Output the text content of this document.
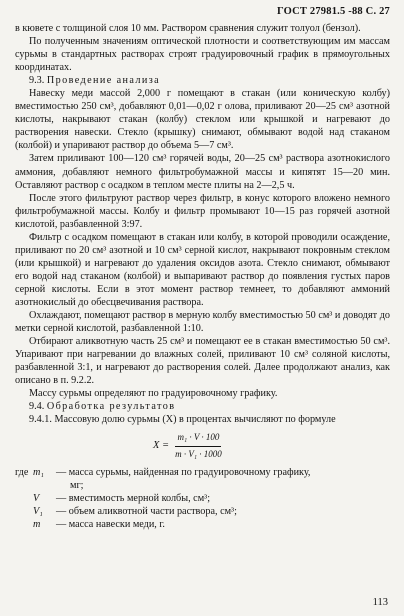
ГОСТ 27981.5 -88 С. 27

в кювете с толщиной слоя 10 мм. Раствором сравнения служит толуол (бензол).

По полученным значениям оптической плотности и соответствующим им массам сурьмы в стандартных растворах строят градуировочный график в прямоугольных координатах.

9.3. Проведение анализа

Навеску меди массой 2,000 г помещают в стакан (или коническую колбу) вместимостью 250 см³, добавляют 0,01—0,02 г олова, приливают 20—25 см³ азотной кислоты, накрывают стакан (колбу) стеклом или крышкой и нагревают до растворения навески. Стекло (крышку) снимают, обмывают водой над стаканом (колбой) и упаривают раствор до объема 5—7 см³.

Затем приливают 100—120 см³ горячей воды, 20—25 см³ раствора азотнокислого аммония, добавляют немного фильтробумажной массы и кипятят 15—20 мин. Оставляют раствор с осадком в теплом месте плиты на 2—2,5 ч.

После этого фильтруют раствор через фильтр, в конус которого вложено немного фильтробумажной массы. Колбу и фильтр промывают 10—15 раз горячей азотной кислотой, разбавленной 3:97.

Фильтр с осадком помещают в стакан или колбу, в которой проводили осаждение, приливают по 20 см³ азотной и 10 см³ серной кислот, накрывают покровным стеклом (или крышкой) и нагревают до удаления оксидов азота. Стекло снимают, обмывают его водой над стаканом (колбой) и выпаривают раствор до появления густых паров серной кислоты. Если в этот момент раствор темнеет, то добавляют аммоний азотнокислый до обесцвечивания раствора.

Охлаждают, помещают раствор в мерную колбу вместимостью 50 см³ и доводят до метки серной кислотой, разбавленной 1:10.

Отбирают аликвотную часть 25 см³ и помещают ее в стакан вместимостью 50 см³. Упаривают при нагревании до влажных солей, приливают 10 см³ соляной кислоты, разбавленной 3:1, и нагревают до растворения солей. Далее продолжают анализ, как описано в п. 9.2.2.

Массу сурьмы определяют по градуировочному графику.

9.4. Обработка результатов

9.4.1. Массовую долю сурьмы (X) в процентах вычисляют по формуле

$X = \frac{\text{m₁ · V · 100}}{\text{m · V₁ · 1000}}$
где m₁	— масса сурьмы, найденная по градуировочному графику,
мг;
V	— вместимость мерной колбы, см³;
V₁	— объем аликвотной части раствора, см³;
m	— масса навески меди, г.
113
